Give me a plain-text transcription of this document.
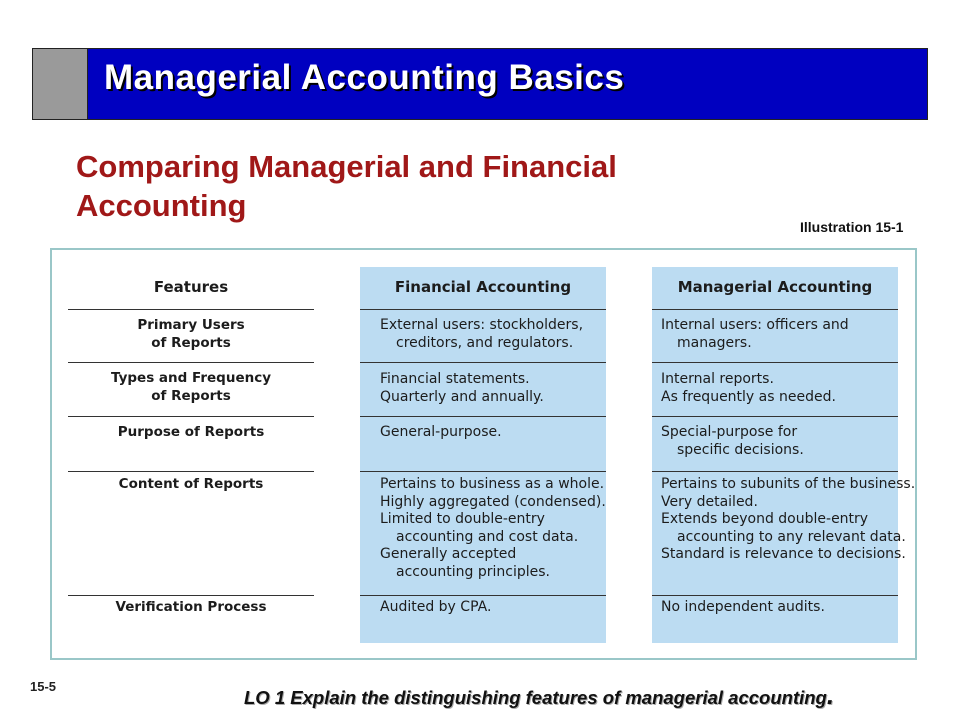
Managerial Accounting Basics
Comparing Managerial and Financial Accounting
Illustration 15-1
Features
Primary Users
of Reports
Types and Frequency
of Reports
Purpose of Reports
Content of Reports
Verification Process
Financial Accounting
External users: stockholders,
creditors, and regulators.
Financial statements.
Quarterly and annually.
General-purpose.
Pertains to business as a whole.
Highly aggregated (condensed).
Limited to double-entry
accounting and cost data.
Generally accepted
accounting principles.
Audited by CPA.
Managerial Accounting
Internal users: officers and
managers.
Internal reports.
As frequently as needed.
Special-purpose for
specific decisions.
Pertains to subunits of the business.
Very detailed.
Extends beyond double-entry
accounting to any relevant data.
Standard is relevance to decisions.
No independent audits.
15-5
LO 1 Explain the distinguishing features of managerial accounting.
